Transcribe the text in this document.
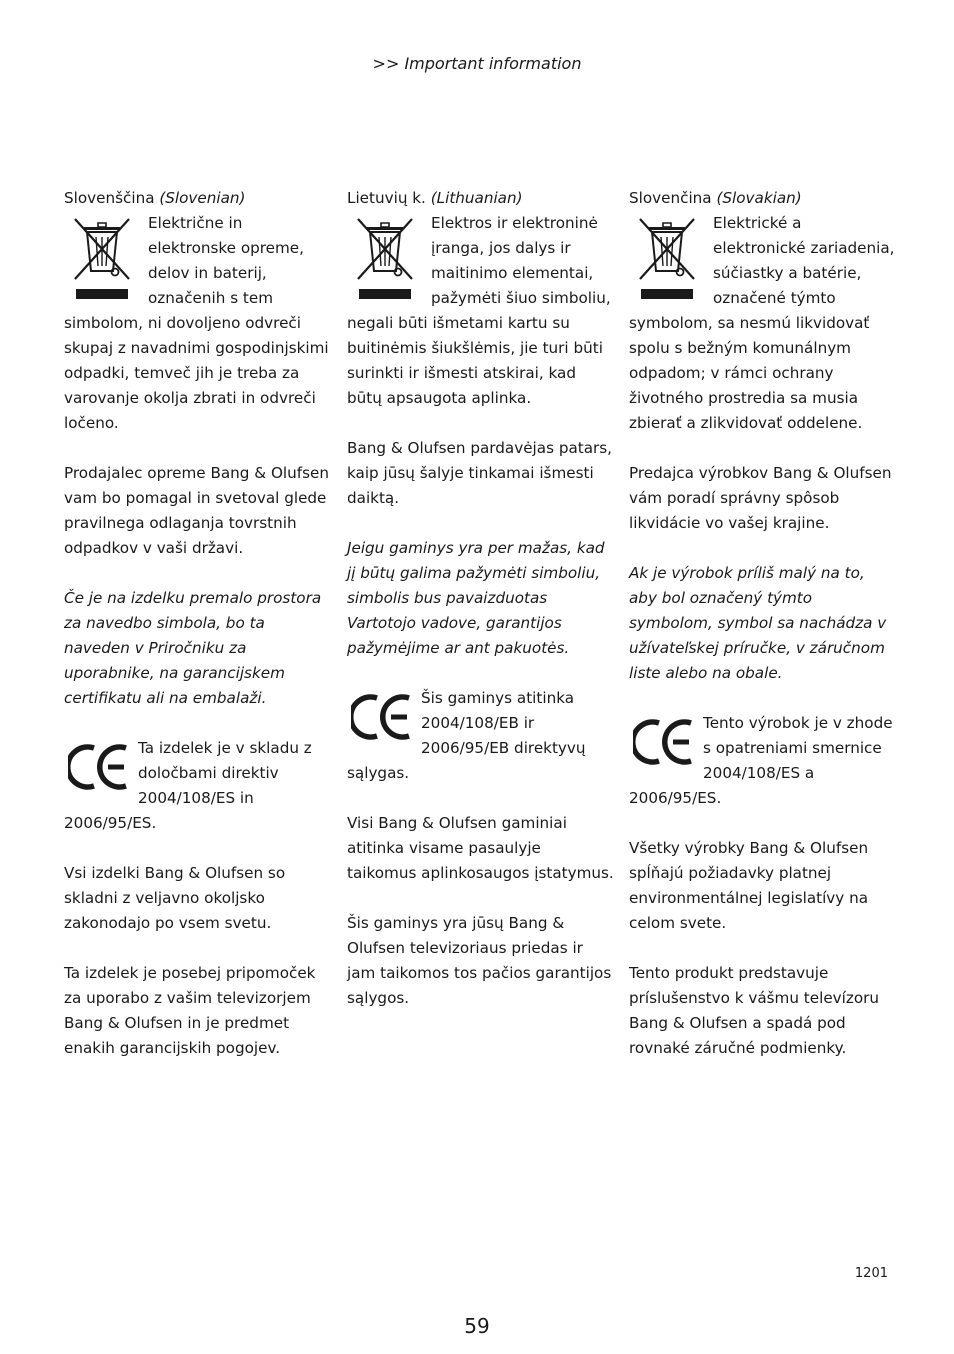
>> Important information

Slovenščina (Slovenian)

Električne in elektronske opreme, delov in baterij, označenih s tem simbolom, ni dovoljeno odvreči skupaj z navadnimi gospodinjskimi odpadki, temveč jih je treba za varovanje okolja zbrati in odvreči ločeno.

Prodajalec opreme Bang & Olufsen vam bo pomagal in svetoval glede pravilnega odlaganja tovrstnih odpadkov v vaši državi.

Če je na izdelku premalo prostora za navedbo simbola, bo ta naveden v Priročniku za uporabnike, na garancijskem certifikatu ali na embalaži.

Ta izdelek je v skladu z določbami direktiv 2004/108/ES in 2006/95/ES.

Vsi izdelki Bang & Olufsen so skladni z veljavno okoljsko zakonodajo po vsem svetu.

Ta izdelek je posebej pripomoček za uporabo z vašim televizorjem Bang & Olufsen in je predmet enakih garancijskih pogojev.

Lietuvių k. (Lithuanian)

Elektros ir elektroninė įranga, jos dalys ir maitinimo elementai, pažymėti šiuo simboliu, negali būti išmetami kartu su buitinėmis šiukšlėmis, jie turi būti surinkti ir išmesti atskirai, kad būtų apsaugota aplinka.

Bang & Olufsen pardavėjas patars, kaip jūsų šalyje tinkamai išmesti daiktą.

Jeigu gaminys yra per mažas, kad jį būtų galima pažymėti simboliu, simbolis bus pavaizduotas Vartotojo vadove, garantijos pažymėjime ar ant pakuotės.

Šis gaminys atitinka 2004/108/EB ir 2006/95/EB direktyvų sąlygas.

Visi Bang & Olufsen gaminiai atitinka visame pasaulyje taikomus aplinkosaugos įstatymus.

Šis gaminys yra jūsų Bang & Olufsen televizoriaus priedas ir jam taikomos tos pačios garantijos sąlygos.

Slovenčina (Slovakian)

Elektrické a elektronické zariadenia, súčiastky a batérie, označené týmto symbolom, sa nesmú likvidovať spolu s bežným komunálnym odpadom; v rámci ochrany životného prostredia sa musia zbierať a zlikvidovať oddelene.

Predajca výrobkov Bang & Olufsen vám poradí správny spôsob likvidácie vo vašej krajine.

Ak je výrobok príliš malý na to, aby bol označený týmto symbolom, symbol sa nachádza v užívateľskej príručke, v záručnom liste alebo na obale.

Tento výrobok je v zhode s opatreniami smernice 2004/108/ES a 2006/95/ES.

Všetky výrobky Bang & Olufsen spĺňajú požiadavky platnej environmentálnej legislatívy na celom svete.

Tento produkt predstavuje príslušenstvo k vášmu televízoru Bang & Olufsen a spadá pod rovnaké záručné podmienky.

1201
59
